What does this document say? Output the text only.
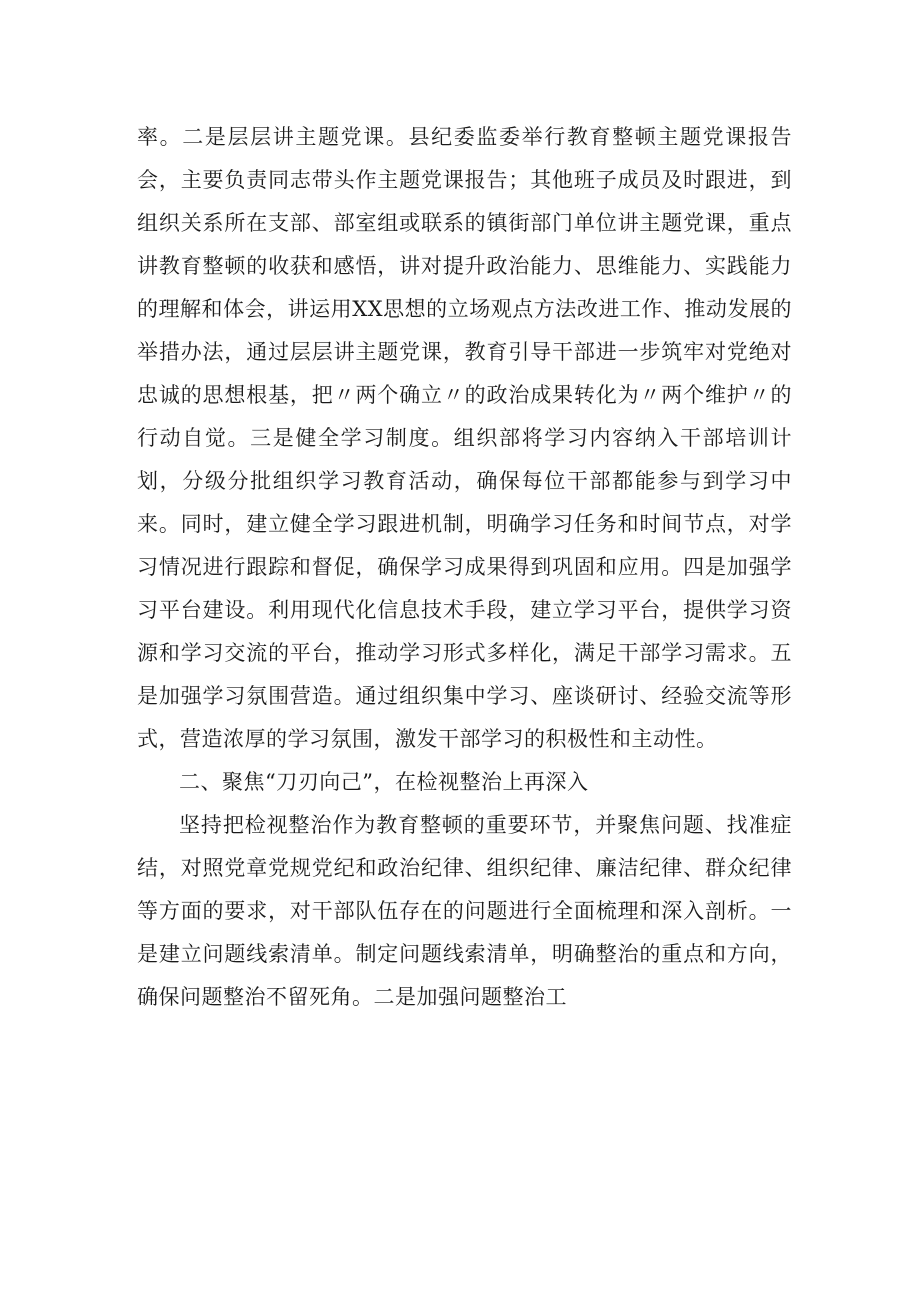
率。二是层层讲主题党课。县纪委监委举行教育整顿主题党课报告会，主要负责同志带头作主题党课报告；其他班子成员及时跟进，到组织关系所在支部、部室组或联系的镇街部门单位讲主题党课，重点讲教育整顿的收获和感悟，讲对提升政治能力、思维能力、实践能力的理解和体会，讲运用XX思想的立场观点方法改进工作、推动发展的举措办法，通过层层讲主题党课，教育引导干部进一步筑牢对党绝对忠诚的思想根基，把〃两个确立〃的政治成果转化为〃两个维护〃的行动自觉。三是健全学习制度。组织部将学习内容纳入干部培训计划，分级分批组织学习教育活动，确保每位干部都能参与到学习中来。同时，建立健全学习跟进机制，明确学习任务和时间节点，对学习情况进行跟踪和督促，确保学习成果得到巩固和应用。四是加强学习平台建设。利用现代化信息技术手段，建立学习平台，提供学习资源和学习交流的平台，推动学习形式多样化，满足干部学习需求。五是加强学习氛围营造。通过组织集中学习、座谈研讨、经验交流等形式，营造浓厚的学习氛围，激发干部学习的积极性和主动性。

二、聚焦“刀刃向己”，在检视整治上再深入

坚持把检视整治作为教育整顿的重要环节，并聚焦问题、找准症结，对照党章党规党纪和政治纪律、组织纪律、廉洁纪律、群众纪律等方面的要求，对干部队伍存在的问题进行全面梳理和深入剖析。一是建立问题线索清单。制定问题线索清单，明确整治的重点和方向，确保问题整治不留死角。二是加强问题整治工
